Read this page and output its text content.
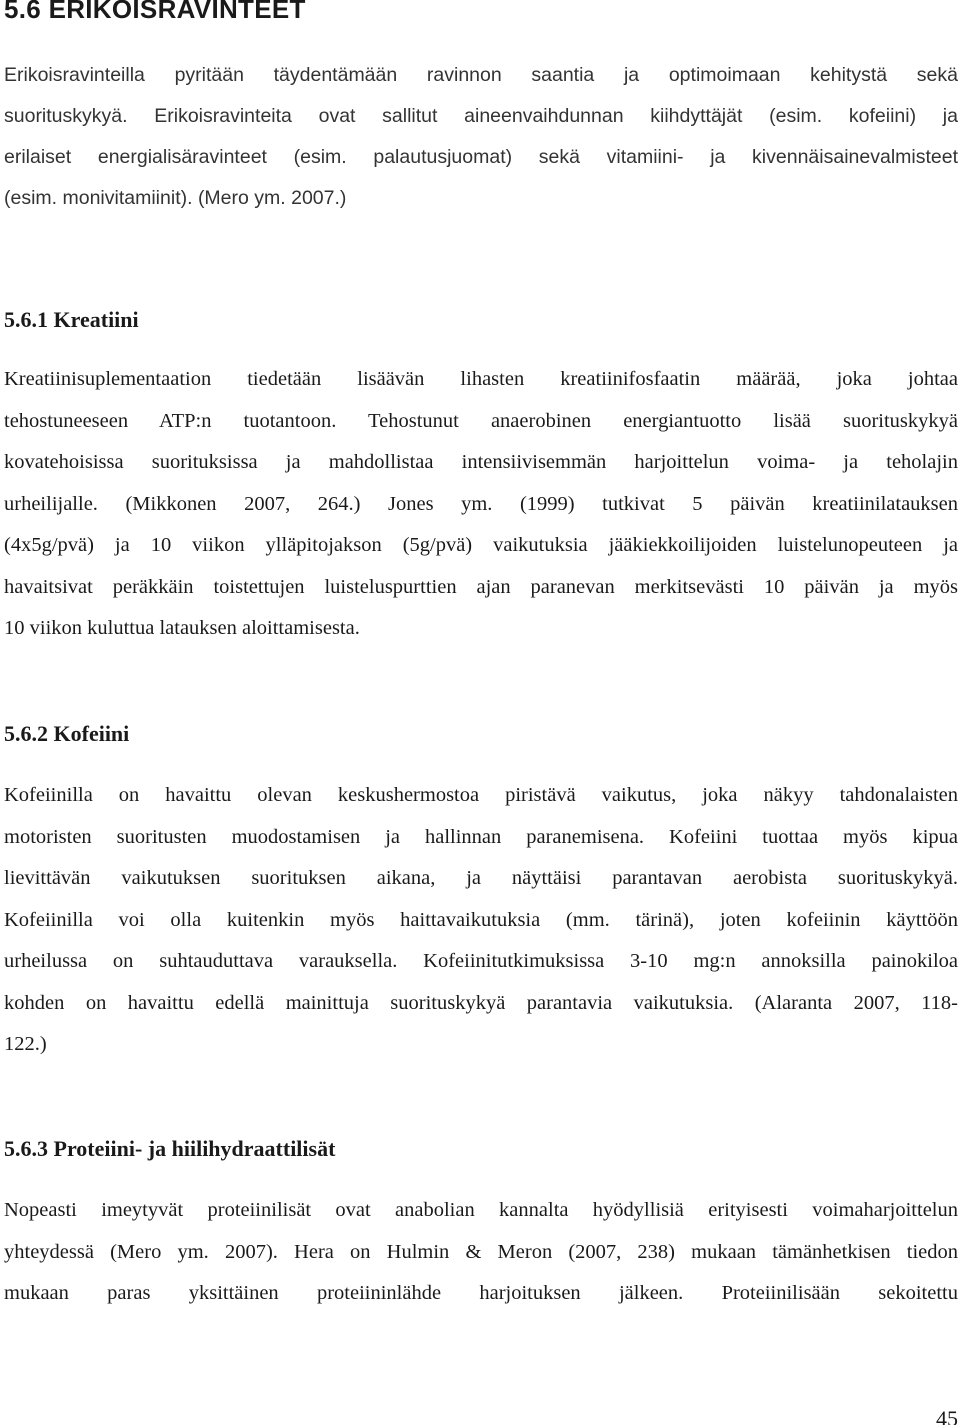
5.6 ERIKOISRAVINTEET

Erikoisravinteilla pyritään täydentämään ravinnon saantia ja optimoimaan kehitystä sekä
suorituskykyä. Erikoisravinteita ovat sallitut aineenvaihdunnan kiihdyttäjät (esim. kofeiini) ja
erilaiset energialisäravinteet (esim. palautusjuomat) sekä vitamiini- ja kivennäisainevalmisteet
(esim. monivitamiinit). (Mero ym. 2007.)

5.6.1 Kreatiini

Kreatiinisuplementaation tiedetään lisäävän lihasten kreatiinifosfaatin määrää, joka johtaa
tehostuneeseen ATP:n tuotantoon. Tehostunut anaerobinen energiantuotto lisää suorituskykyä
kovatehoisissa suorituksissa ja mahdollistaa intensiivisemmän harjoittelun voima- ja teholajin
urheilijalle. (Mikkonen 2007, 264.) Jones ym. (1999) tutkivat 5 päivän kreatiinilatauksen
(4x5g/pvä) ja 10 viikon ylläpitojakson (5g/pvä) vaikutuksia jääkiekkoilijoiden luistelunopeuteen ja
havaitsivat peräkkäin toistettujen luisteluspurttien ajan paranevan merkitsevästi 10 päivän ja myös
10 viikon kuluttua latauksen aloittamisesta.

5.6.2 Kofeiini

Kofeiinilla on havaittu olevan keskushermostoa piristävä vaikutus, joka näkyy tahdonalaisten
motoristen suoritusten muodostamisen ja hallinnan paranemisena. Kofeiini tuottaa myös kipua
lievittävän vaikutuksen suorituksen aikana, ja näyttäisi parantavan aerobista suorituskykyä.
Kofeiinilla voi olla kuitenkin myös haittavaikutuksia (mm. tärinä), joten kofeiinin käyttöön
urheilussa on suhtauduttava varauksella. Kofeiinitutkimuksissa 3-10 mg:n annoksilla painokiloa
kohden on havaittu edellä mainittuja suorituskykyä parantavia vaikutuksia. (Alaranta 2007, 118-
122.)

5.6.3 Proteiini- ja hiilihydraattilisät

Nopeasti imeytyvät proteiinilisät ovat anabolian kannalta hyödyllisiä erityisesti voimaharjoittelun
yhteydessä (Mero ym. 2007). Hera on Hulmin & Meron (2007, 238) mukaan tämänhetkisen tiedon
mukaan paras yksittäinen proteiininlähde harjoituksen jälkeen. Proteiinilisään sekoitettu

45
